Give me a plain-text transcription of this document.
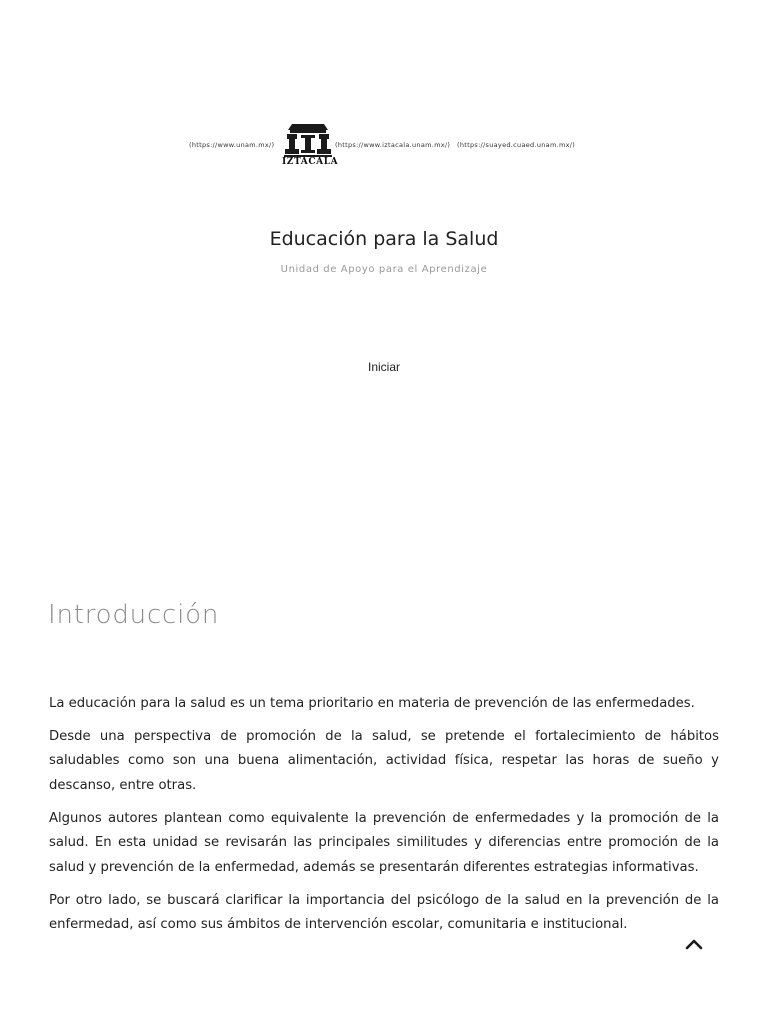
(https://www.unam.mx/)
IZTACALA
(https://www.iztacala.unam.mx/) (https://suayed.cuaed.unam.mx/)
Educación para la Salud
Unidad de Apoyo para el Aprendizaje
Iniciar
Introducción

La educación para la salud es un tema prioritario en materia de prevención de las enfermedades.

Desde una perspectiva de promoción de la salud, se pretende el fortalecimiento de hábitos saludables como son una buena alimentación, actividad física, respetar las horas de sueño y descanso, entre otras.

Algunos autores plantean como equivalente la prevención de enfermedades y la promoción de la salud. En esta unidad se revisarán las principales similitudes y diferencias entre promoción de la salud y prevención de la enfermedad, además se presentarán diferentes estrategias informativas.

Por otro lado, se buscará clarificar la importancia del psicólogo de la salud en la prevención de la enfermedad, así como sus ámbitos de intervención escolar, comunitaria e institucional.
